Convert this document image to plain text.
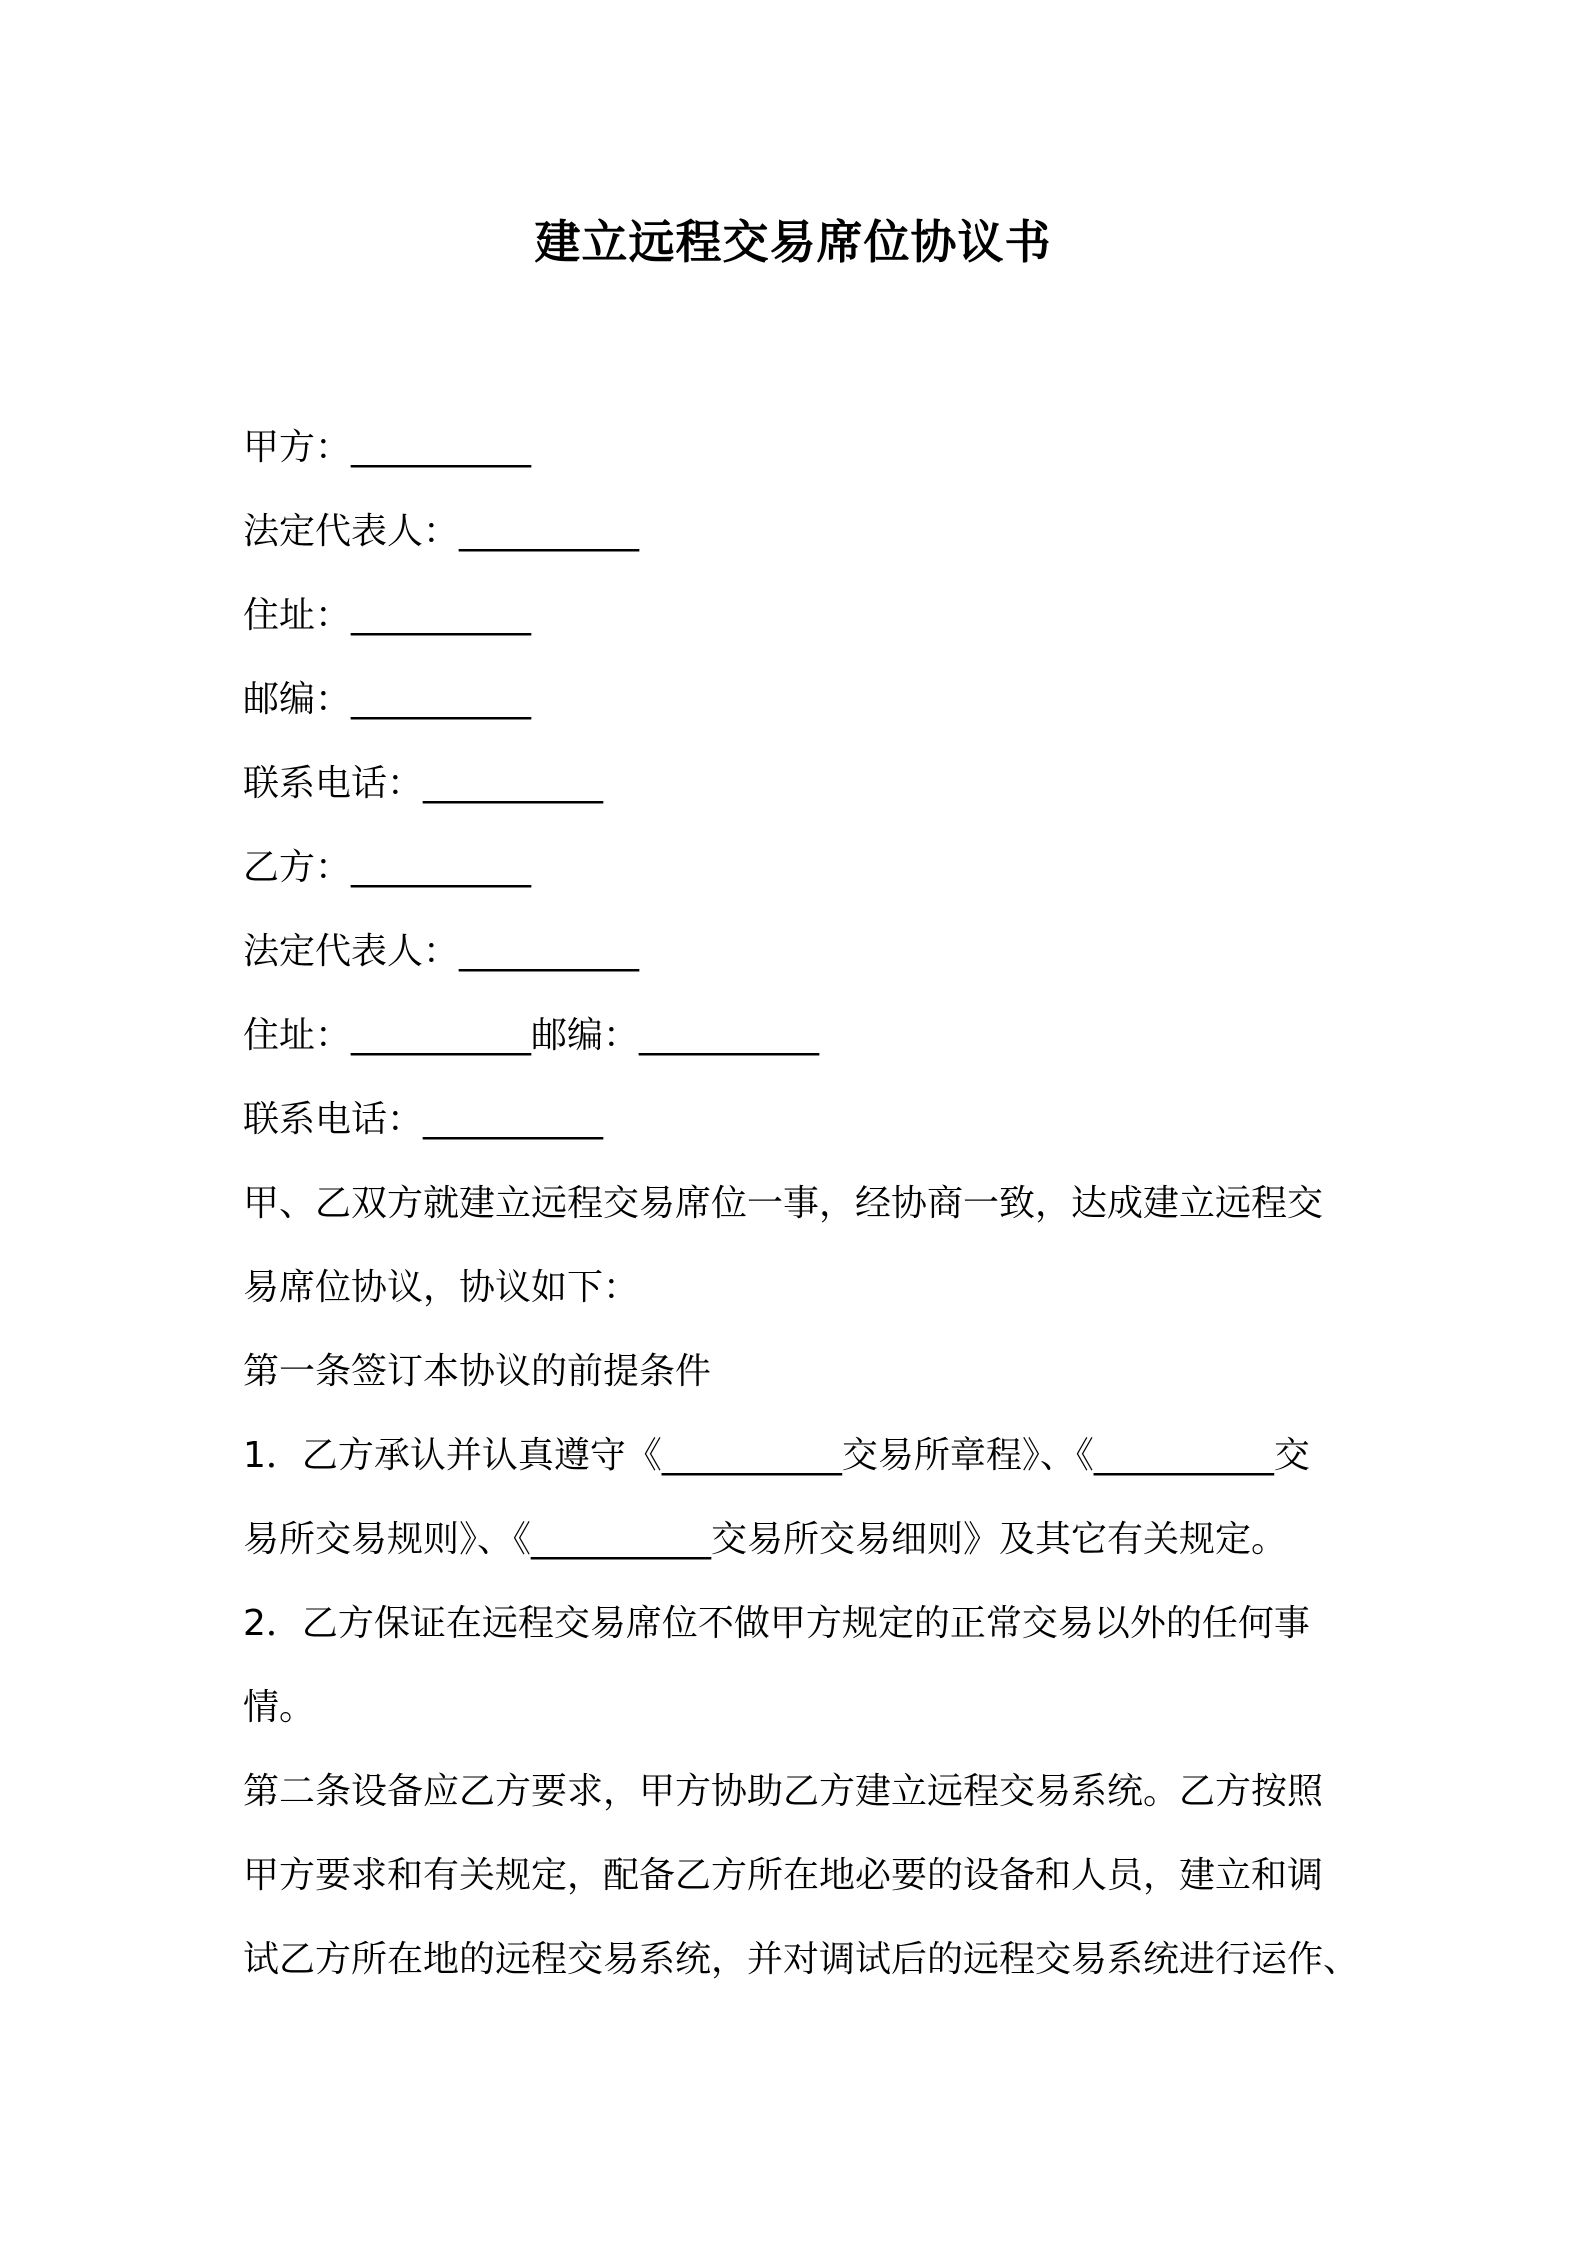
建立远程交易席位协议书
甲方：__________
法定代表人：__________
住址：__________
邮编：__________
联系电话：__________
乙方：__________
法定代表人：__________
住址：__________邮编：__________
联系电话：__________
甲、乙双方就建立远程交易席位一事，经协商一致，达成建立远程交
易席位协议，协议如下：
第一条签订本协议的前提条件
1．乙方承认并认真遵守《__________交易所章程》、《__________交
易所交易规则》、《__________交易所交易细则》及其它有关规定。
2．乙方保证在远程交易席位不做甲方规定的正常交易以外的任何事
情。
第二条设备应乙方要求，甲方协助乙方建立远程交易系统。乙方按照
甲方要求和有关规定，配备乙方所在地必要的设备和人员，建立和调
试乙方所在地的远程交易系统，并对调试后的远程交易系统进行运作、
